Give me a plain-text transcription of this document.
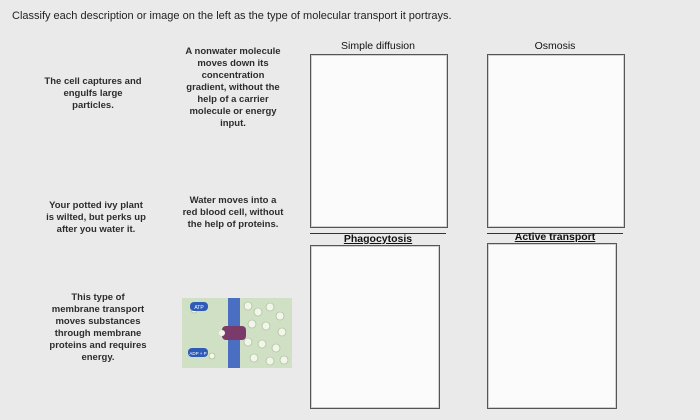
Classify each description or image on the left as the type of molecular transport it portrays.
The cell captures and
engulfs large
particles.
A nonwater molecule
moves down its
concentration
gradient, without the
help of a carrier
molecule or energy
input.
Your potted ivy plant
is wilted, but perks up
after you water it.
Water moves into a
red blood cell, without
the help of proteins.
This type of
membrane transport
moves substances
through membrane
proteins and requires
energy.
ATP
ADP + P
Simple diffusion	Osmosis
Phagocytosis	Active transport
